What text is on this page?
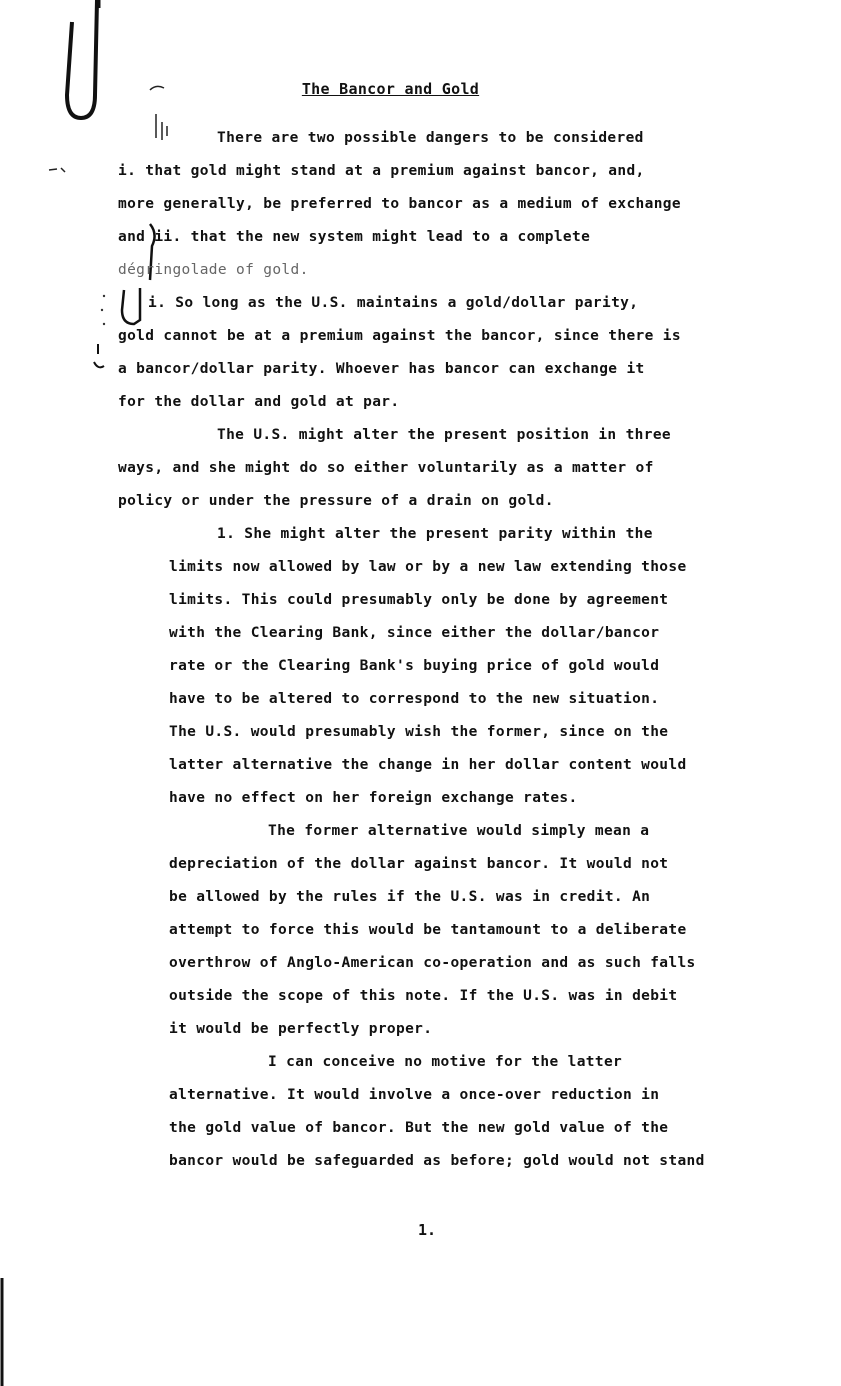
The Bancor and Gold
There are two possible dangers to be considered
i. that gold might stand at a premium against bancor, and,
more generally, be preferred to bancor as a medium of exchange
and ii. that the new system might lead to a complete
dégringolade of gold.
i. So long as the U.S. maintains a gold/dollar parity,
gold cannot be at a premium against the bancor, since there is
a bancor/dollar parity. Whoever has bancor can exchange it
for the dollar and gold at par.
The U.S. might alter the present position in three
ways, and she might do so either voluntarily as a matter of
policy or under the pressure of a drain on gold.
1. She might alter the present parity within the
limits now allowed by law or by a new law extending those
limits. This could presumably only be done by agreement
with the Clearing Bank, since either the dollar/bancor
rate or the Clearing Bank's buying price of gold would
have to be altered to correspond to the new situation.
The U.S. would presumably wish the former, since on the
latter alternative the change in her dollar content would
have no effect on her foreign exchange rates.
The former alternative would simply mean a
depreciation of the dollar against bancor. It would not
be allowed by the rules if the U.S. was in credit. An
attempt to force this would be tantamount to a deliberate
overthrow of Anglo-American co-operation and as such falls
outside the scope of this note. If the U.S. was in debit
it would be perfectly proper.
I can conceive no motive for the latter
alternative. It would involve a once-over reduction in
the gold value of bancor. But the new gold value of the
bancor would be safeguarded as before; gold would not stand
1.
